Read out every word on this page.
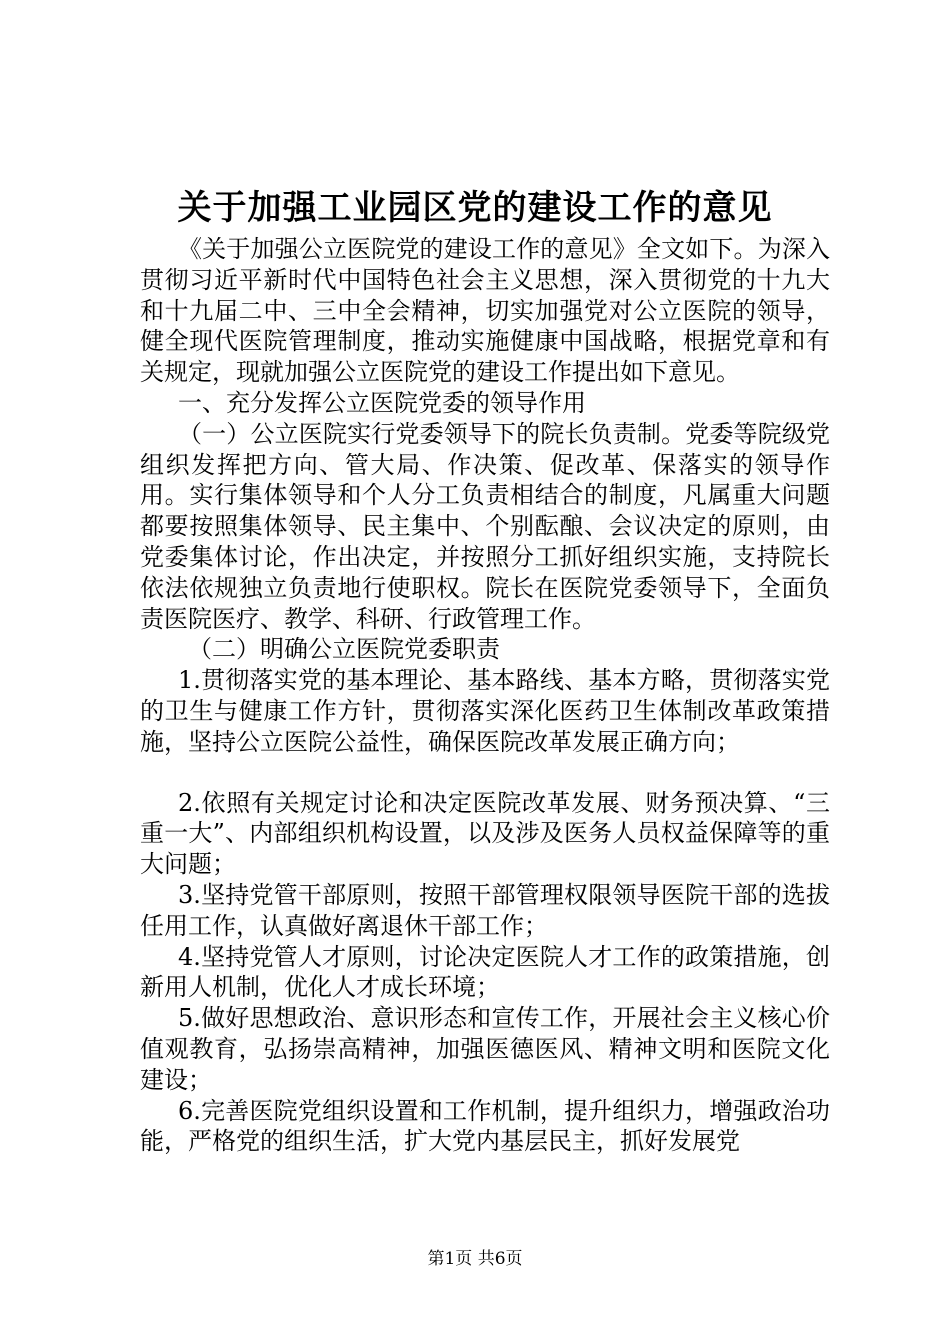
关于加强工业园区党的建设工作的意见

《关于加强公立医院党的建设工作的意见》全文如下。为深入贯彻习近平新时代中国特色社会主义思想，深入贯彻党的十九大和十九届二中、三中全会精神，切实加强党对公立医院的领导，健全现代医院管理制度，推动实施健康中国战略，根据党章和有关规定，现就加强公立医院党的建设工作提出如下意见。

一、充分发挥公立医院党委的领导作用

（一）公立医院实行党委领导下的院长负责制。党委等院级党组织发挥把方向、管大局、作决策、促改革、保落实的领导作用。实行集体领导和个人分工负责相结合的制度，凡属重大问题都要按照集体领导、民主集中、个别酝酿、会议决定的原则，由党委集体讨论，作出决定，并按照分工抓好组织实施，支持院长依法依规独立负责地行使职权。院长在医院党委领导下，全面负责医院医疗、教学、科研、行政管理工作。

（二）明确公立医院党委职责

1.贯彻落实党的基本理论、基本路线、基本方略，贯彻落实党的卫生与健康工作方针，贯彻落实深化医药卫生体制改革政策措施，坚持公立医院公益性，确保医院改革发展正确方向；

2.依照有关规定讨论和决定医院改革发展、财务预决算、“三重一大”、内部组织机构设置，以及涉及医务人员权益保障等的重大问题；

3.坚持党管干部原则，按照干部管理权限领导医院干部的选拔任用工作，认真做好离退休干部工作；

4.坚持党管人才原则，讨论决定医院人才工作的政策措施，创新用人机制，优化人才成长环境；

5.做好思想政治、意识形态和宣传工作，开展社会主义核心价值观教育，弘扬崇高精神，加强医德医风、精神文明和医院文化建设；

6.完善医院党组织设置和工作机制，提升组织力，增强政治功能，严格党的组织生活，扩大党内基层民主，抓好发展党

第1页 共6页
